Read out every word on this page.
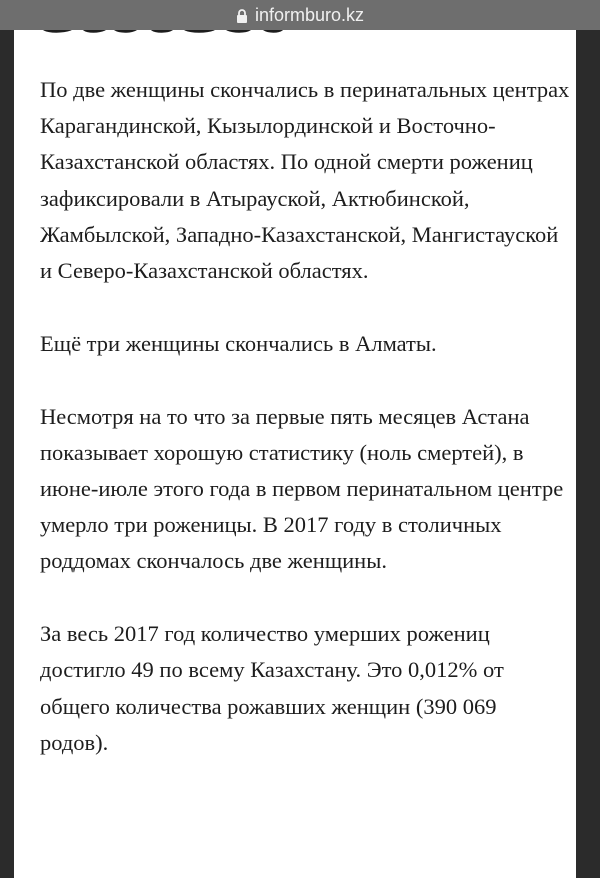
informburo.kz

По две женщины скончались в перинатальных центрах Карагандинской, Кызылординской и Восточно-Казахстанской областях. По одной смерти рожениц зафиксировали в Атырауской, Актюбинской, Жамбылской, Западно-Казахстанской, Мангистауской и Северо-Казахстанской областях.

Ещё три женщины скончались в Алматы.

Несмотря на то что за первые пять месяцев Астана показывает хорошую статистику (ноль смертей), в июне-июле этого года в первом перинатальном центре умерло три роженицы. В 2017 году в столичных роддомах скончалось две женщины.

За весь 2017 год количество умерших рожениц достигло 49 по всему Казахстану. Это 0,012% от общего количества рожавших женщин (390 069 родов).
